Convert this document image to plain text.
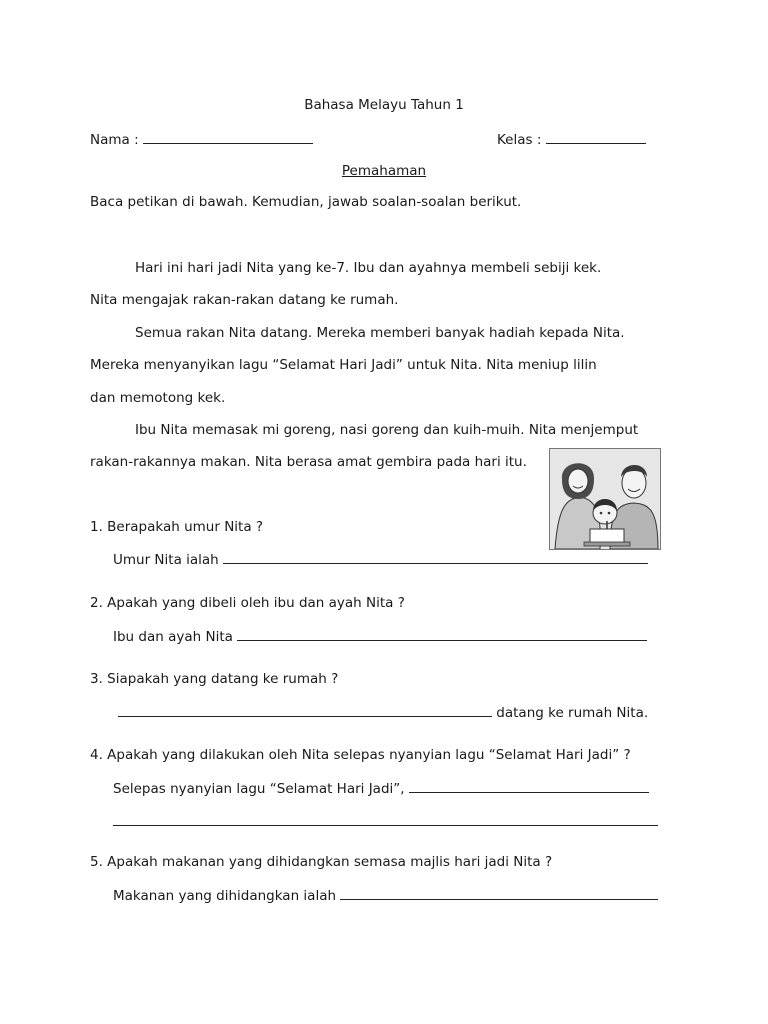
Bahasa Melayu Tahun 1
Nama :	Kelas :
Pemahaman
Baca petikan di bawah. Kemudian, jawab soalan-soalan berikut.
Hari ini hari jadi Nita yang ke-7. Ibu dan ayahnya membeli sebiji kek.
Nita mengajak rakan-rakan datang ke rumah.
Semua rakan Nita datang. Mereka memberi banyak hadiah kepada Nita.
Mereka menyanyikan lagu “Selamat Hari Jadi” untuk Nita. Nita meniup lilin
dan memotong kek.
Ibu Nita memasak mi goreng, nasi goreng dan kuih-muih. Nita menjemput
rakan-rakannya makan. Nita berasa amat gembira pada hari itu.
1. Berapakah umur Nita ?
Umur Nita ialah
2. Apakah yang dibeli oleh ibu dan ayah Nita ?
Ibu dan ayah Nita
3. Siapakah yang datang ke rumah ?
datang ke rumah Nita.
4. Apakah yang dilakukan oleh Nita selepas nyanyian lagu “Selamat Hari Jadi” ?
Selepas nyanyian lagu “Selamat Hari Jadi”,
5. Apakah makanan yang dihidangkan semasa majlis hari jadi Nita ?
Makanan yang dihidangkan ialah
